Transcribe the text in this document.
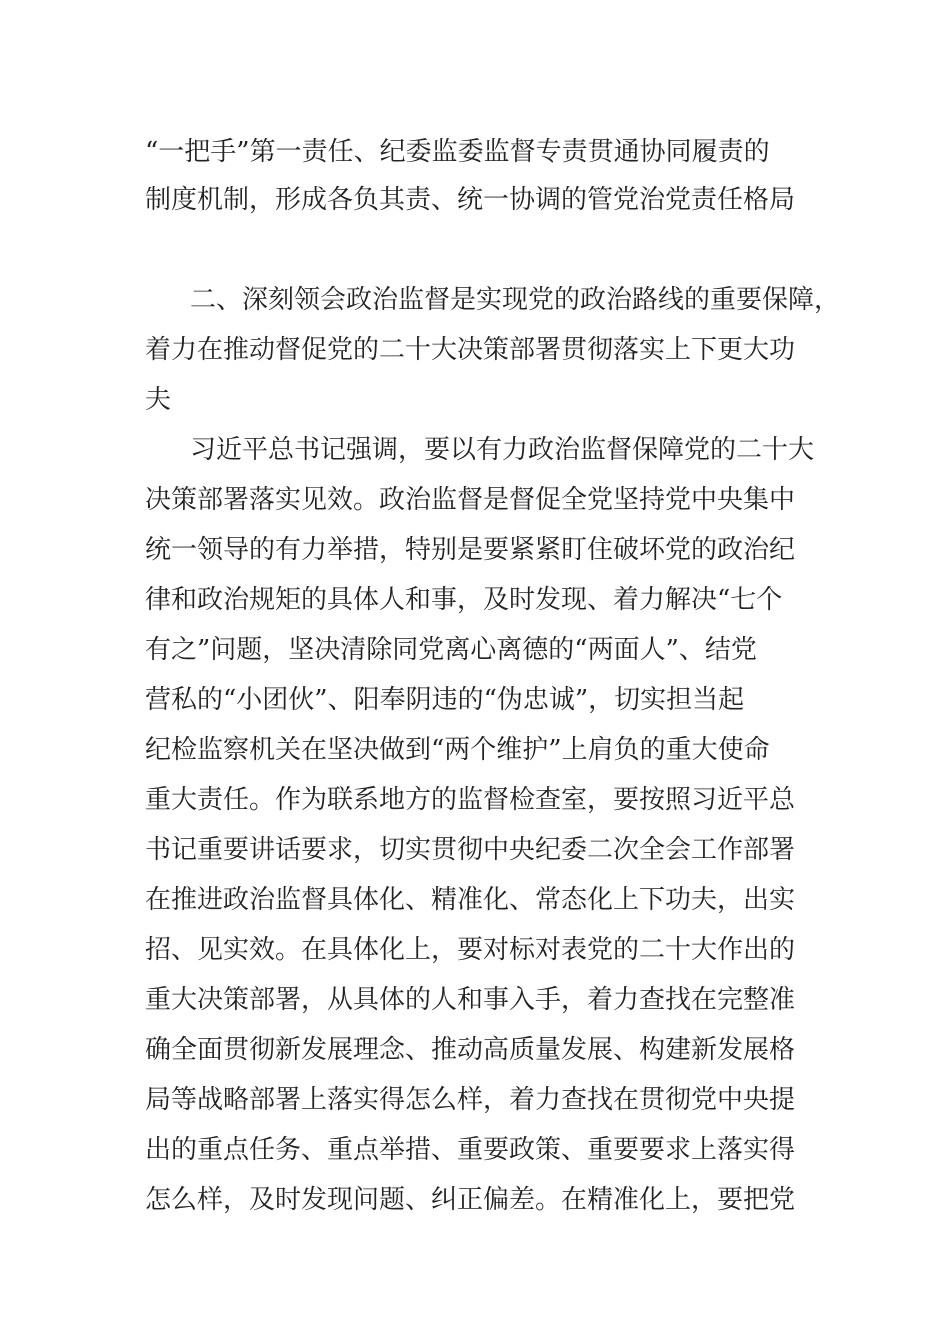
“一把手”第一责任、纪委监委监督专责贯通协同履责的
制度机制，形成各负其责、统一协调的管党治党责任格局
二、深刻领会政治监督是实现党的政治路线的重要保障，
着力在推动督促党的二十大决策部署贯彻落实上下更大功
夫
习近平总书记强调，要以有力政治监督保障党的二十大
决策部署落实见效。政治监督是督促全党坚持党中央集中
统一领导的有力举措，特别是要紧紧盯住破坏党的政治纪
律和政治规矩的具体人和事，及时发现、着力解决“七个
有之”问题，坚决清除同党离心离德的“两面人”、结党
营私的“小团伙”、阳奉阴违的“伪忠诚”，切实担当起
纪检监察机关在坚决做到“两个维护”上肩负的重大使命
重大责任。作为联系地方的监督检查室，要按照习近平总
书记重要讲话要求，切实贯彻中央纪委二次全会工作部署
在推进政治监督具体化、精准化、常态化上下功夫，出实
招、见实效。在具体化上，要对标对表党的二十大作出的
重大决策部署，从具体的人和事入手，着力查找在完整准
确全面贯彻新发展理念、推动高质量发展、构建新发展格
局等战略部署上落实得怎么样，着力查找在贯彻党中央提
出的重点任务、重点举措、重要政策、重要要求上落实得
怎么样，及时发现问题、纠正偏差。在精准化上，要把党
